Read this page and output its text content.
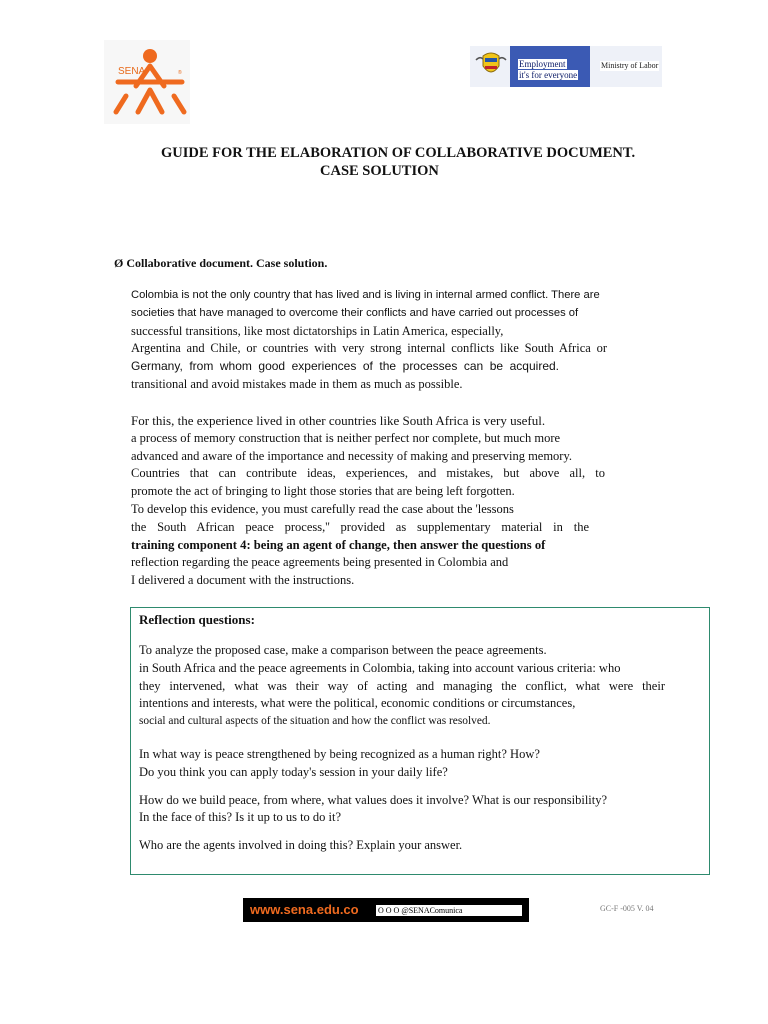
SENA	®
Employment
it's for everyone
Ministry of Labor
GUIDE FOR THE ELABORATION OF COLLABORATIVE DOCUMENT.
CASE SOLUTION
Ø Collaborative document. Case solution.
Colombia is not the only country that has lived and is living in internal armed conflict. There are
societies that have managed to overcome their conflicts and have carried out processes of
successful transitions, like most dictatorships in Latin America, especially,
Argentina and Chile, or countries with very strong internal conflicts like South Africa or
Germany, from whom good experiences of the processes can be acquired.
transitional and avoid mistakes made in them as much as possible.
For this, the experience lived in other countries like South Africa is very useful.
a process of memory construction that is neither perfect nor complete, but much more
advanced and aware of the importance and necessity of making and preserving memory.
Countries that can contribute ideas, experiences, and mistakes, but above all, to
promote the act of bringing to light those stories that are being left forgotten.
To develop this evidence, you must carefully read the case about the 'lessons
the South African peace process,'' provided as supplementary material in the
training component 4: being an agent of change, then answer the questions of
reflection regarding the peace agreements being presented in Colombia and
I delivered a document with the instructions.
Reflection questions:
To analyze the proposed case, make a comparison between the peace agreements.
in South Africa and the peace agreements in Colombia, taking into account various criteria: who
they intervened, what was their way of acting and managing the conflict, what were their
intentions and interests, what were the political, economic conditions or circumstances,
social and cultural aspects of the situation and how the conflict was resolved.
In what way is peace strengthened by being recognized as a human right? How?
Do you think you can apply today's session in your daily life?
How do we build peace, from where, what values does it involve? What is our responsibility?
In the face of this? Is it up to us to do it?
Who are the agents involved in doing this? Explain your answer.
www.sena.edu.co O O O @SENAComunica	GC-F -005 V. 04
